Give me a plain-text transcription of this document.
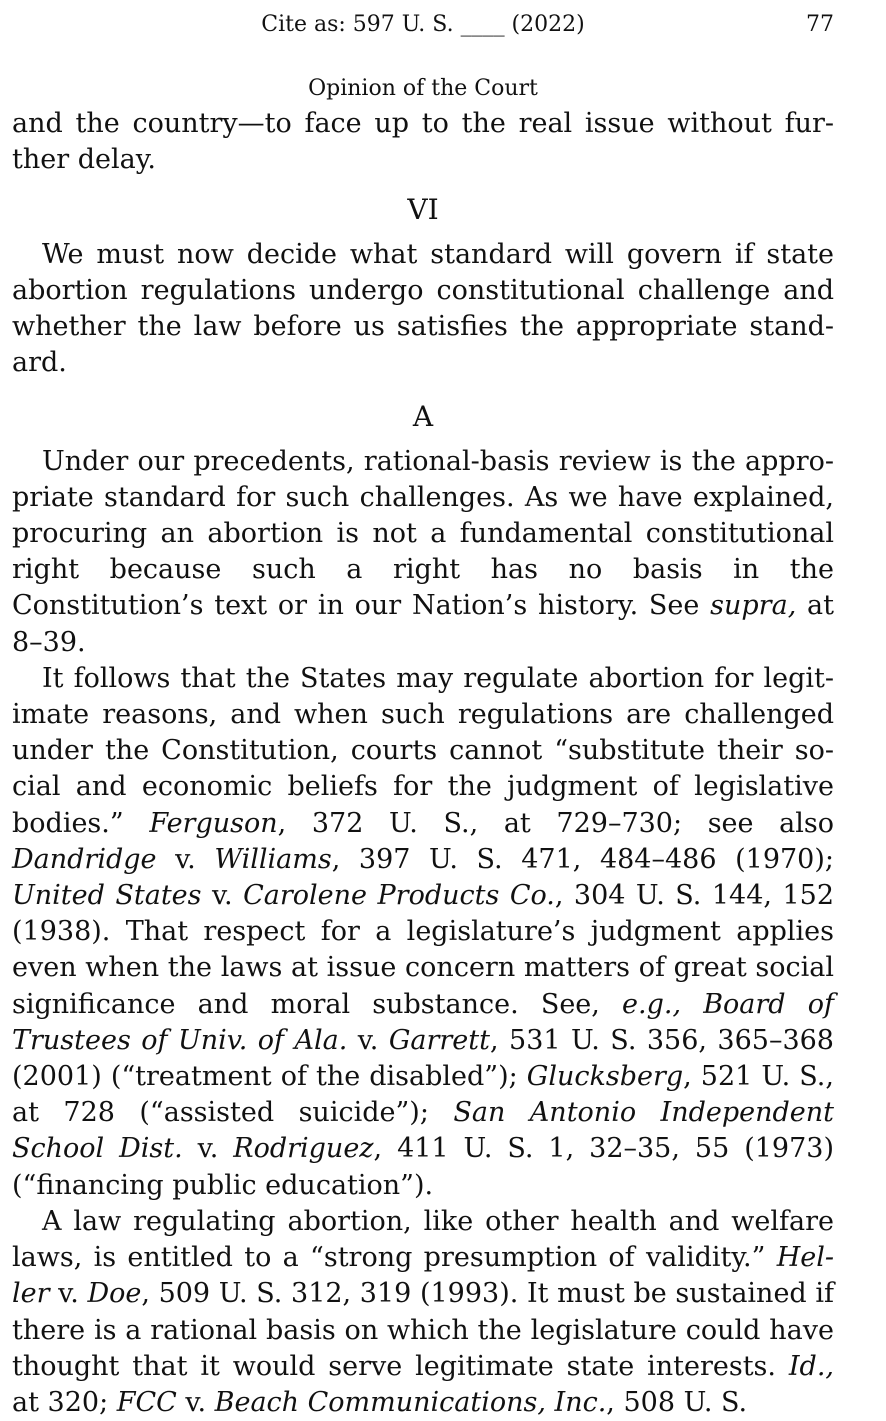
Cite as: 597 U. S. ____ (2022)	77
Opinion of the Court

and the country—to face up to the real issue without further delay.

VI

We must now decide what standard will govern if state abortion regulations undergo constitutional challenge and whether the law before us satisfies the appropriate standard.

A

Under our precedents, rational-basis review is the appropriate standard for such challenges. As we have explained, procuring an abortion is not a fundamental constitutional right because such a right has no basis in the Constitution’s text or in our Nation’s history. See supra, at 8–39.

It follows that the States may regulate abortion for legitimate reasons, and when such regulations are challenged under the Constitution, courts cannot “substitute their social and economic beliefs for the judgment of legislative bodies.” Ferguson, 372 U. S., at 729–730; see also Dandridge v. Williams, 397 U. S. 471, 484–486 (1970); United States v. Carolene Products Co., 304 U. S. 144, 152 (1938). That respect for a legislature’s judgment applies even when the laws at issue concern matters of great social significance and moral substance. See, e.g., Board of Trustees of Univ. of Ala. v. Garrett, 531 U. S. 356, 365–368 (2001) (“treatment of the disabled”); Glucksberg, 521 U. S., at 728 (“assisted suicide”); San Antonio Independent School Dist. v. Rodriguez, 411 U. S. 1, 32–35, 55 (1973) (“financing public education”).

A law regulating abortion, like other health and welfare laws, is entitled to a “strong presumption of validity.” Heller v. Doe, 509 U. S. 312, 319 (1993). It must be sustained if there is a rational basis on which the legislature could have thought that it would serve legitimate state interests. Id., at 320; FCC v. Beach Communications, Inc., 508 U. S.
